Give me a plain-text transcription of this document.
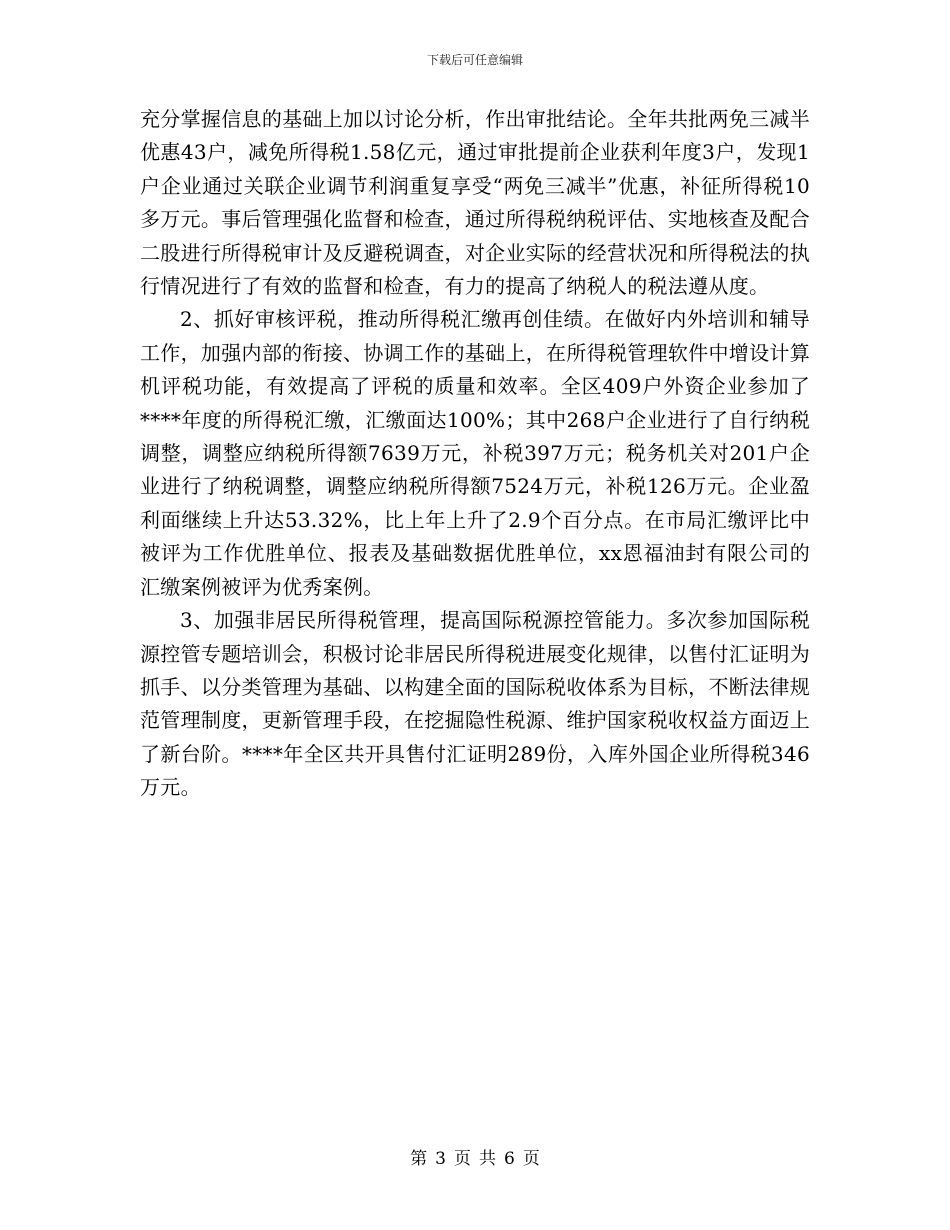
下载后可任意编辑

充分掌握信息的基础上加以讨论分析，作出审批结论。全年共批两免三减半优惠43户，减免所得税1.58亿元，通过审批提前企业获利年度3户，发现1户企业通过关联企业调节利润重复享受“两免三减半”优惠，补征所得税10多万元。事后管理强化监督和检查，通过所得税纳税评估、实地核查及配合二股进行所得税审计及反避税调查，对企业实际的经营状况和所得税法的执行情况进行了有效的监督和检查，有力的提高了纳税人的税法遵从度。

2、抓好审核评税，推动所得税汇缴再创佳绩。在做好内外培训和辅导工作，加强内部的衔接、协调工作的基础上，在所得税管理软件中增设计算机评税功能，有效提高了评税的质量和效率。全区409户外资企业参加了****年度的所得税汇缴，汇缴面达100%；其中268户企业进行了自行纳税调整，调整应纳税所得额7639万元，补税397万元；税务机关对201户企业进行了纳税调整，调整应纳税所得额7524万元，补税126万元。企业盈利面继续上升达53.32%，比上年上升了2.9个百分点。在市局汇缴评比中被评为工作优胜单位、报表及基础数据优胜单位，xx恩福油封有限公司的汇缴案例被评为优秀案例。

3、加强非居民所得税管理，提高国际税源控管能力。多次参加国际税源控管专题培训会，积极讨论非居民所得税进展变化规律，以售付汇证明为抓手、以分类管理为基础、以构建全面的国际税收体系为目标，不断法律规范管理制度，更新管理手段，在挖掘隐性税源、维护国家税收权益方面迈上了新台阶。****年全区共开具售付汇证明289份，入库外国企业所得税346万元。

第 3 页 共 6 页
